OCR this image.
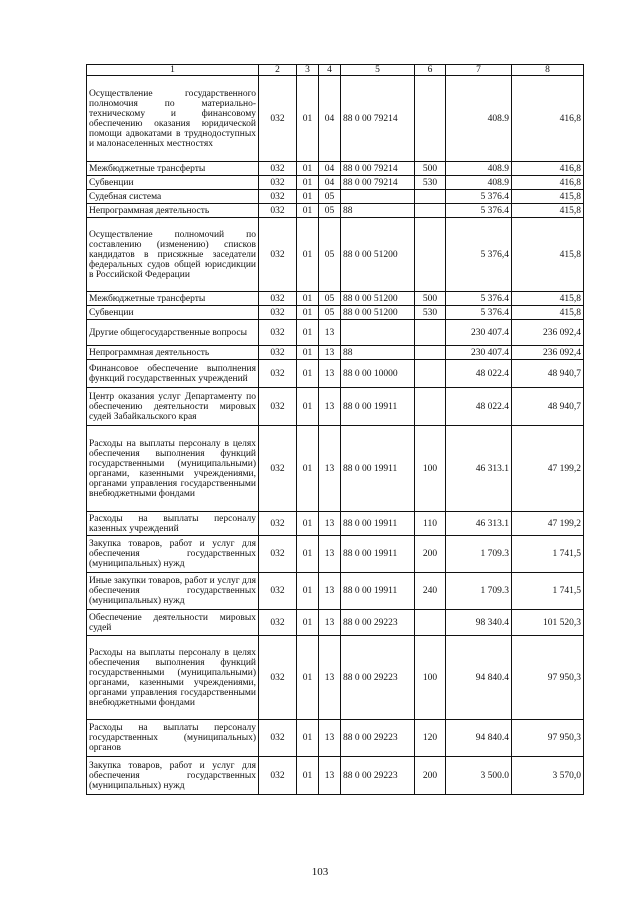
1	2	3	4	5	6	7	8
Осуществление государственного полномочия по материально-техническому и финансовому обеспечению оказания юридической помощи адвокатами в труднодоступных и малонаселенных местностях	032	01	04	88 0 00 79214		408.9	416,8
Межбюджетные трансферты	032	01	04	88 0 00 79214	500	408.9	416,8
Субвенции	032	01	04	88 0 00 79214	530	408.9	416,8
Судебная система	032	01	05			5 376.4	415,8
Непрограммная деятельность	032	01	05	88		5 376.4	415,8
Осуществление полномочий по составлению (изменению) списков кандидатов в присяжные заседатели федеральных судов общей юрисдикции в Российской Федерации	032	01	05	88 0 00 51200		5 376,4	415,8
Межбюджетные трансферты	032	01	05	88 0 00 51200	500	5 376.4	415,8
Субвенции	032	01	05	88 0 00 51200	530	5 376.4	415,8
Другие общегосударственные вопросы	032	01	13			230 407.4	236 092,4
Непрограммная деятельность	032	01	13	88		230 407.4	236 092,4
Финансовое обеспечение выполнения функций государственных учреждений	032	01	13	88 0 00 10000		48 022.4	48 940,7
Центр оказания услуг Департаменту по обеспечению деятельности мировых судей Забайкальского края	032	01	13	88 0 00 19911		48 022.4	48 940,7
Расходы на выплаты персоналу в целях обеспечения выполнения функций государственными (муниципальными) органами, казенными учреждениями, органами управления государственными внебюджетными фондами	032	01	13	88 0 00 19911	100	46 313.1	47 199,2
Расходы на выплаты персоналу казенных учреждений	032	01	13	88 0 00 19911	110	46 313.1	47 199,2
Закупка товаров, работ и услуг для обеспечения государственных (муниципальных) нужд	032	01	13	88 0 00 19911	200	1 709.3	1 741,5
Иные закупки товаров, работ и услуг для обеспечения государственных (муниципальных) нужд	032	01	13	88 0 00 19911	240	1 709.3	1 741,5
Обеспечение деятельности мировых судей	032	01	13	88 0 00 29223		98 340.4	101 520,3
Расходы на выплаты персоналу в целях обеспечения выполнения функций государственными (муниципальными) органами, казенными учреждениями, органами управления государственными внебюджетными фондами	032	01	13	88 0 00 29223	100	94 840.4	97 950,3
Расходы на выплаты персоналу государственных (муниципальных) органов	032	01	13	88 0 00 29223	120	94 840.4	97 950,3
Закупка товаров, работ и услуг для обеспечения государственных (муниципальных) нужд	032	01	13	88 0 00 29223	200	3 500.0	3 570,0
103
